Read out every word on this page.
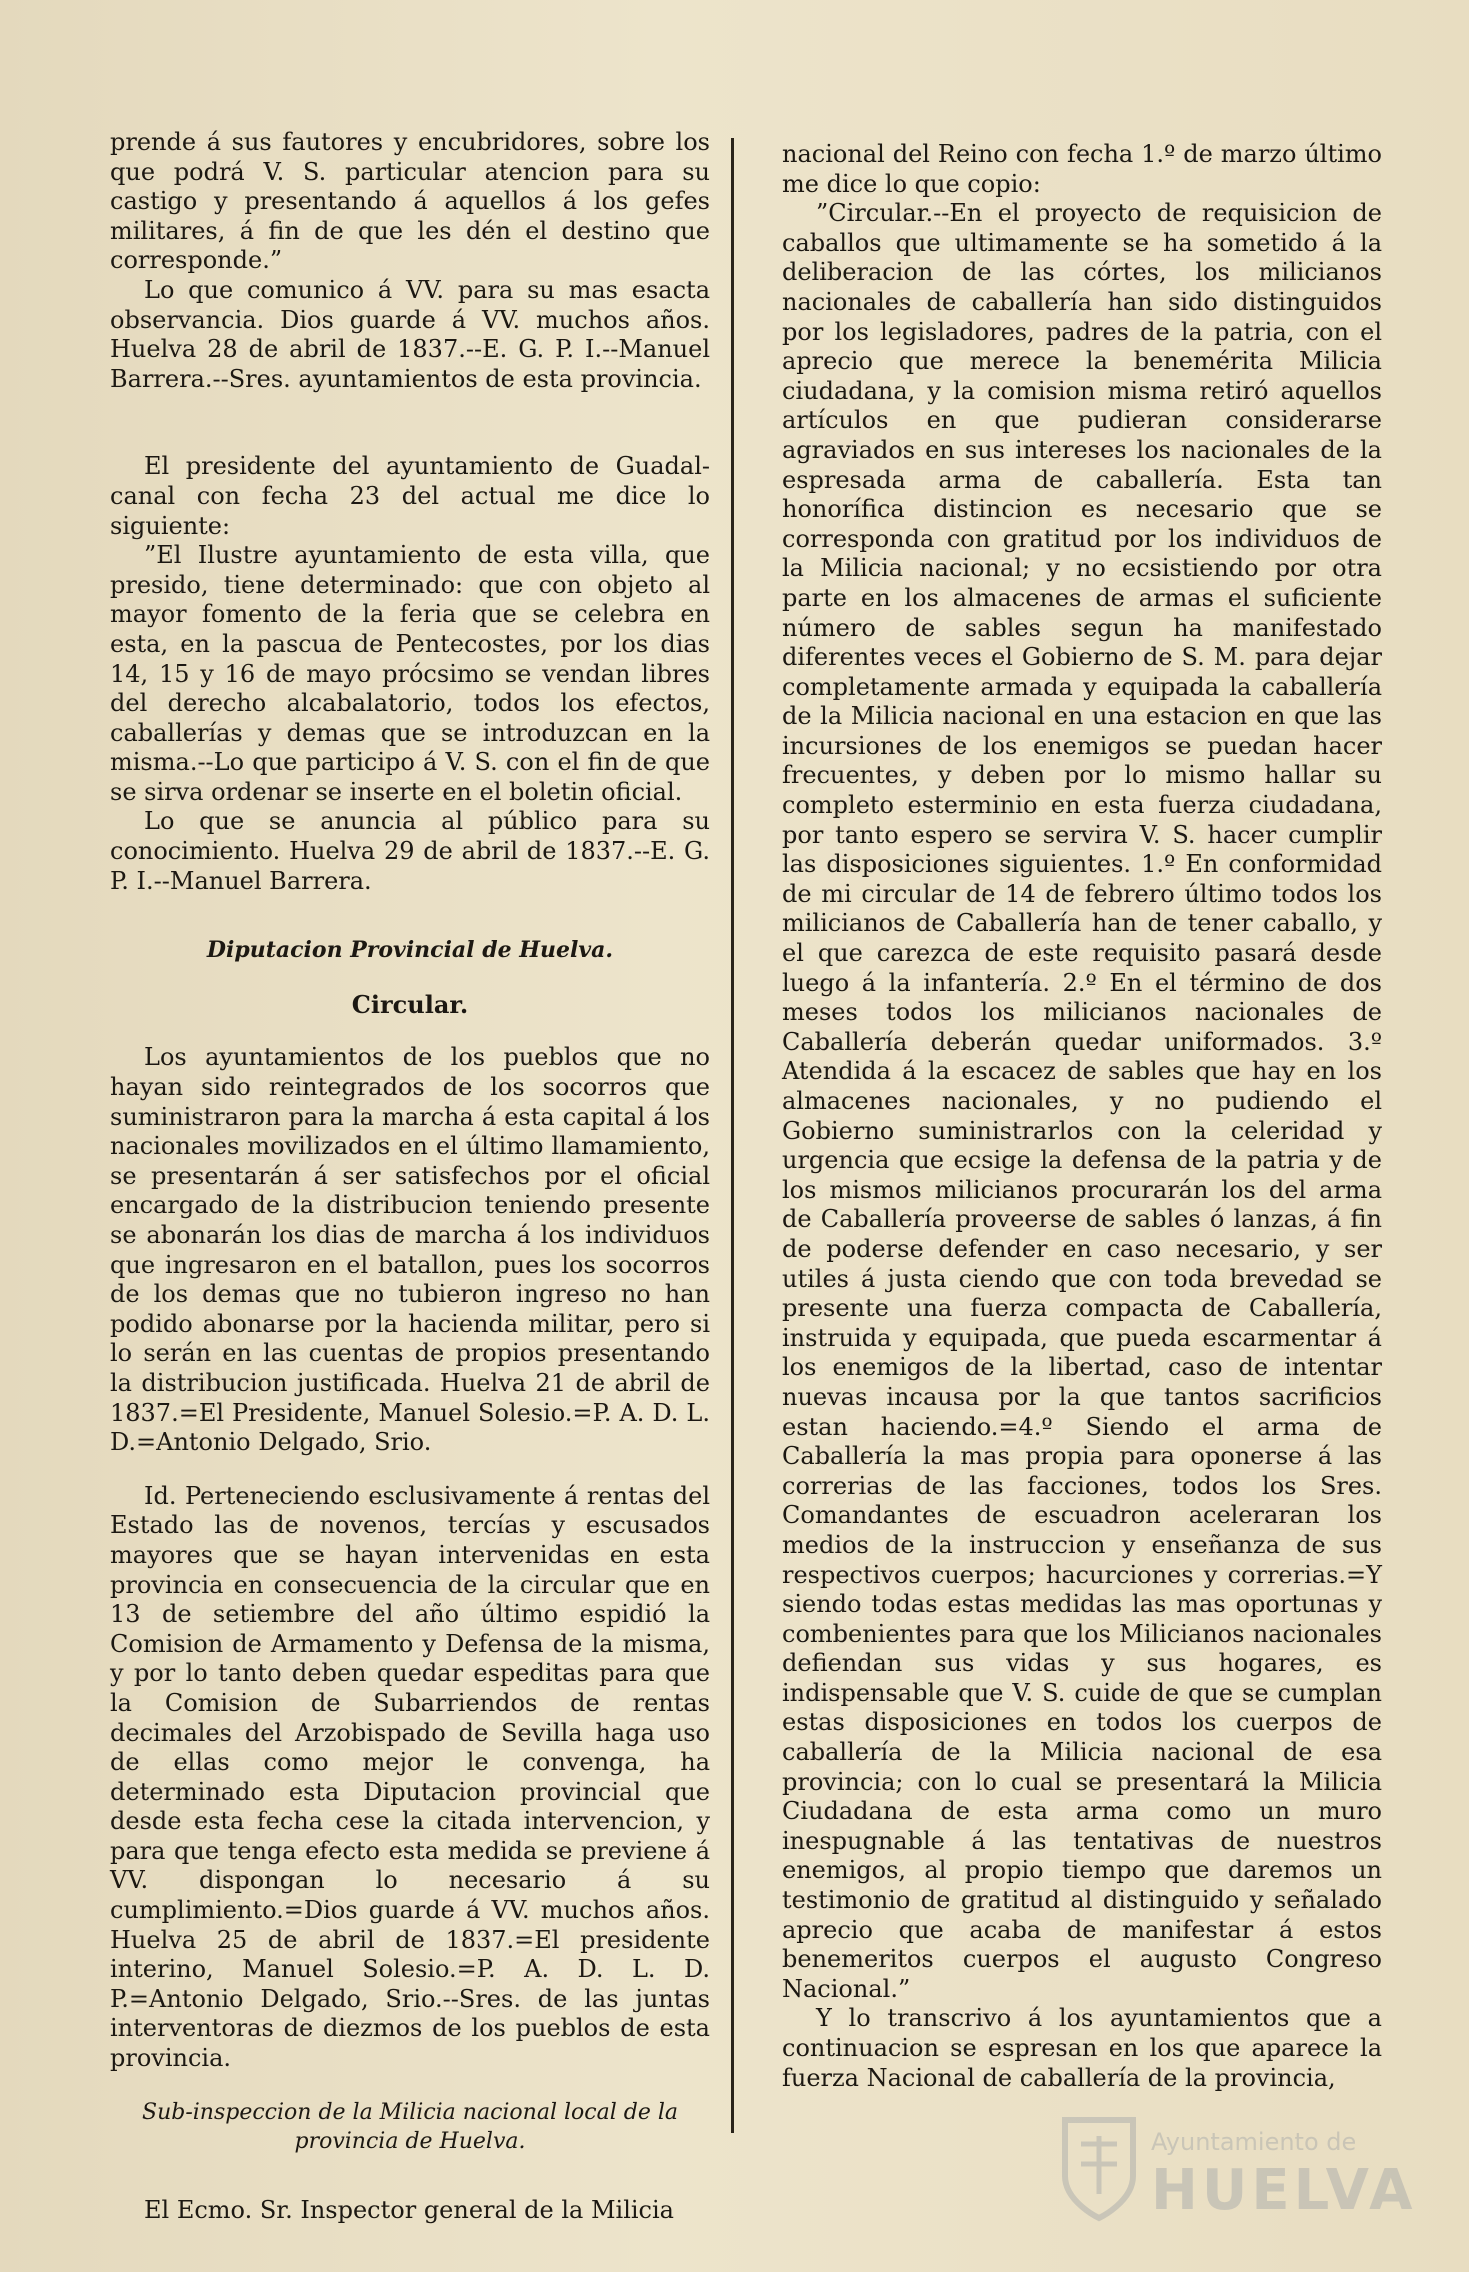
prende á sus fautores y encubridores, sobre los que podrá V. S. particular atencion para su castigo y presentando á aquellos á los gefes militares, á fin de que les dén el destino que corresponde.”

Lo que comunico á VV. para su mas esacta observancia. Dios guarde á VV. muchos años. Huelva 28 de abril de 1837.--E. G. P. I.--Manuel Barrera.--Sres. ayuntamientos de esta provincia.

El presidente del ayuntamiento de Guadal-canal con fecha 23 del actual me dice lo siguiente:

”El Ilustre ayuntamiento de esta villa, que presido, tiene determinado: que con objeto al mayor fomento de la feria que se celebra en esta, en la pascua de Pentecostes, por los dias 14, 15 y 16 de mayo prócsimo se vendan libres del derecho alcabalatorio, todos los efectos, caballerías y demas que se introduzcan en la misma.--Lo que participo á V. S. con el fin de que se sirva ordenar se inserte en el boletin oficial.

Lo que se anuncia al público para su conocimiento. Huelva 29 de abril de 1837.--E. G. P. I.--Manuel Barrera.

Diputacion Provincial de Huelva.

Circular.

Los ayuntamientos de los pueblos que no hayan sido reintegrados de los socorros que suministraron para la marcha á esta capital á los nacionales movilizados en el último llamamiento, se presentarán á ser satisfechos por el oficial encargado de la distribucion teniendo presente se abonarán los dias de marcha á los individuos que ingresaron en el batallon, pues los socorros de los demas que no tubieron ingreso no han podido abonarse por la hacienda militar, pero si lo serán en las cuentas de propios presentando la distribucion justificada. Huelva 21 de abril de 1837.=El Presidente, Manuel Solesio.=P. A. D. L. D.=Antonio Delgado, Srio.

Id. Perteneciendo esclusivamente á rentas del Estado las de novenos, tercías y escusados mayores que se hayan intervenidas en esta provincia en consecuencia de la circular que en 13 de setiembre del año último espidió la Comision de Armamento y Defensa de la misma, y por lo tanto deben quedar espeditas para que la Comision de Subarriendos de rentas decimales del Arzobispado de Sevilla haga uso de ellas como mejor le convenga, ha determinado esta Diputacion provincial que desde esta fecha cese la citada intervencion, y para que tenga efecto esta medida se previene á VV. dispongan lo necesario á su cumplimiento.=Dios guarde á VV. muchos años. Huelva 25 de abril de 1837.=El presidente interino, Manuel Solesio.=P. A. D. L. D. P.=Antonio Delgado, Srio.--Sres. de las juntas interventoras de diezmos de los pueblos de esta provincia.

Sub-inspeccion de la Milicia nacional local de la provincia de Huelva.

El Ecmo. Sr. Inspector general de la Milicia

nacional del Reino con fecha 1.º de marzo último me dice lo que copio:

”Circular.--En el proyecto de requisicion de caballos que ultimamente se ha sometido á la deliberacion de las córtes, los milicianos nacionales de caballería han sido distinguidos por los legisladores, padres de la patria, con el aprecio que merece la benemérita Milicia ciudadana, y la comision misma retiró aquellos artículos en que pudieran considerarse agraviados en sus intereses los nacionales de la espresada arma de caballería. Esta tan honorífica distincion es necesario que se corresponda con gratitud por los individuos de la Milicia nacional; y no ecsistiendo por otra parte en los almacenes de armas el suficiente número de sables segun ha manifestado diferentes veces el Gobierno de S. M. para dejar completamente armada y equipada la caballería de la Milicia nacional en una estacion en que las incursiones de los enemigos se puedan hacer frecuentes, y deben por lo mismo hallar su completo esterminio en esta fuerza ciudadana, por tanto espero se servira V. S. hacer cumplir las disposiciones siguientes. 1.º En conformidad de mi circular de 14 de febrero último todos los milicianos de Caballería han de tener caballo, y el que carezca de este requisito pasará desde luego á la infantería. 2.º En el término de dos meses todos los milicianos nacionales de Caballería deberán quedar uniformados. 3.º Atendida á la escacez de sables que hay en los almacenes nacionales, y no pudiendo el Gobierno suministrarlos con la celeridad y urgencia que ecsige la defensa de la patria y de los mismos milicianos procurarán los del arma de Caballería proveerse de sables ó lanzas, á fin de poderse defender en caso necesario, y ser utiles á justa ciendo que con toda brevedad se presente una fuerza compacta de Caballería, instruida y equipada, que pueda escarmentar á los enemigos de la libertad, caso de intentar nuevas incausa por la que tantos sacrificios estan haciendo.=4.º Siendo el arma de Caballería la mas propia para oponerse á las correrias de las facciones, todos los Sres. Comandantes de escuadron aceleraran los medios de la instruccion y enseñanza de sus respectivos cuerpos; hacurciones y correrias.=Y siendo todas estas medidas las mas oportunas y combenientes para que los Milicianos nacionales defiendan sus vidas y sus hogares, es indispensable que V. S. cuide de que se cumplan estas disposiciones en todos los cuerpos de caballería de la Milicia nacional de esa provincia; con lo cual se presentará la Milicia Ciudadana de esta arma como un muro inespugnable á las tentativas de nuestros enemigos, al propio tiempo que daremos un testimonio de gratitud al distinguido y señalado aprecio que acaba de manifestar á estos benemeritos cuerpos el augusto Congreso Nacional.”

Y lo transcrivo á los ayuntamientos que a continuacion se espresan en los que aparece la fuerza Nacional de caballería de la provincia,

Ayuntamiento de
HUELVA
